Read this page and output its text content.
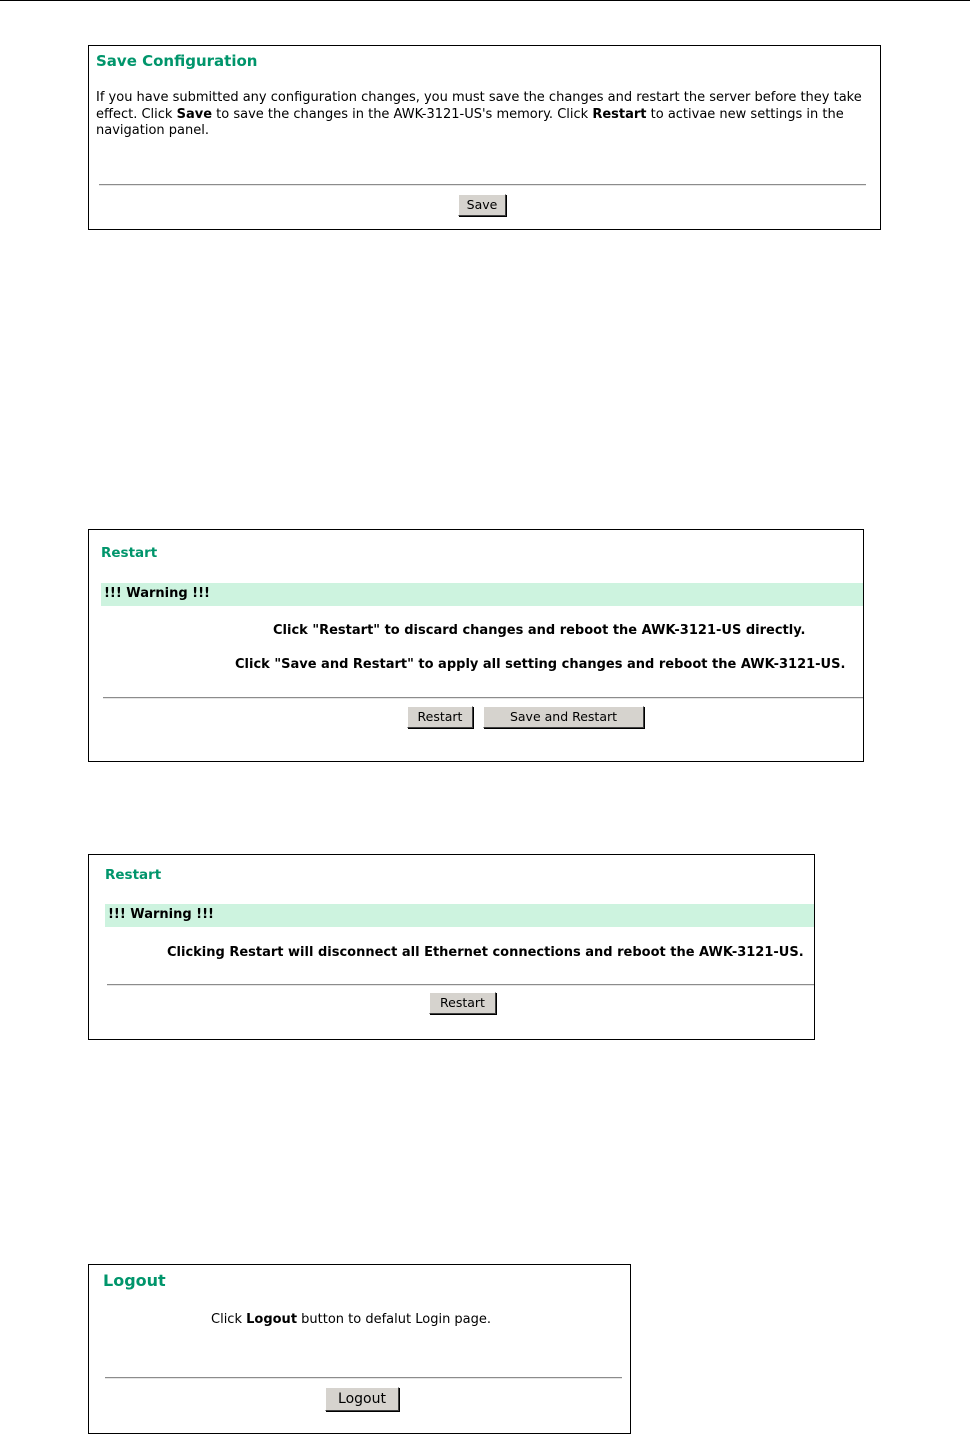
Save Configuration
If you have submitted any configuration changes, you must save the changes and restart the server before they take effect. Click Save to save the changes in the AWK-3121-US's memory. Click Restart to activae new settings in the navigation panel.
Save
Restart
!!! Warning !!!
Click "Restart" to discard changes and reboot the AWK-3121-US directly.
Click "Save and Restart" to apply all setting changes and reboot the AWK-3121-US.
Restart	Save and Restart
Restart
!!! Warning !!!
Clicking Restart will disconnect all Ethernet connections and reboot the AWK-3121-US.
Restart
Logout
Click Logout button to defalut Login page.
Logout
